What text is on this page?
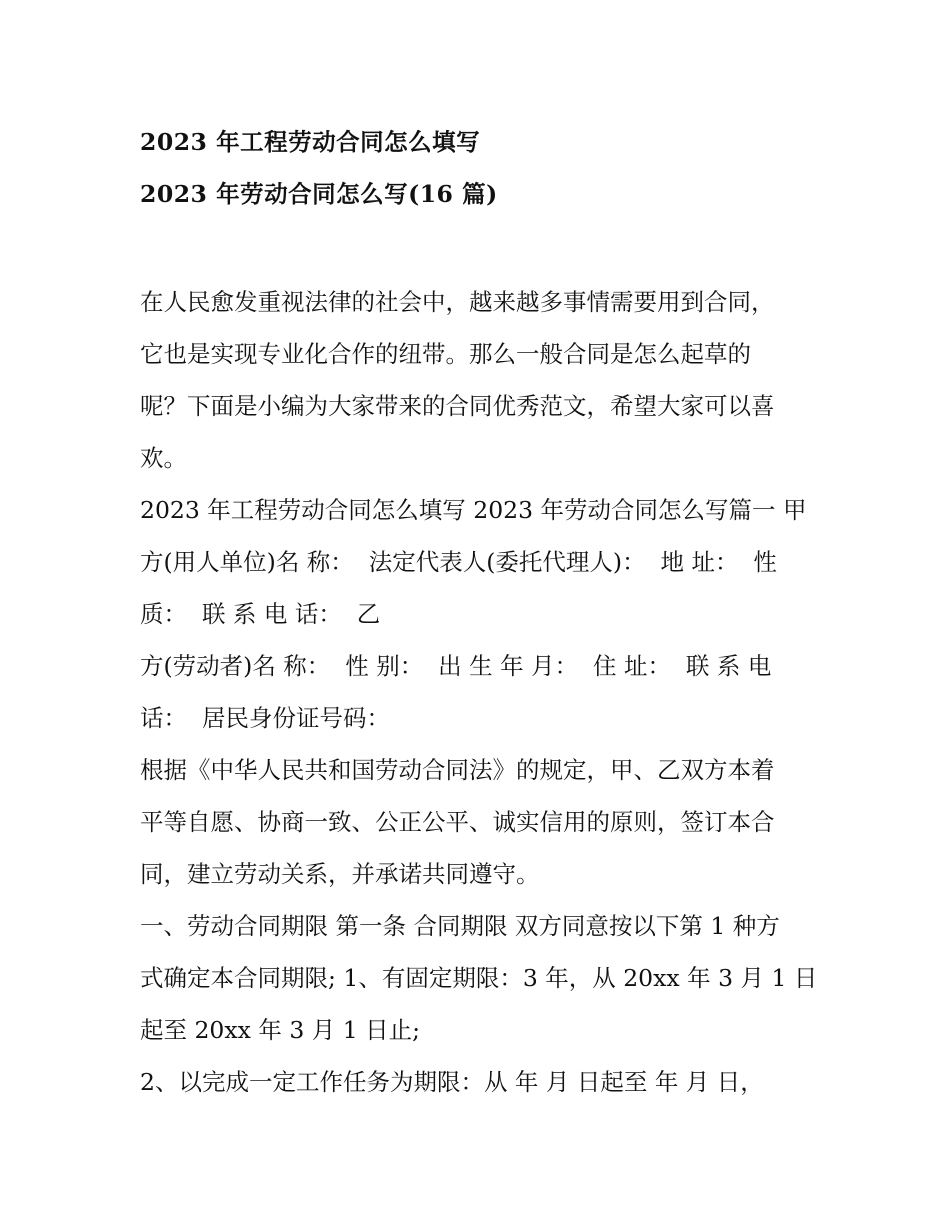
2023 年工程劳动合同怎么填写
2023 年劳动合同怎么写(16 篇)
在人民愈发重视法律的社会中，越来越多事情需要用到合同，
它也是实现专业化合作的纽带。那么一般合同是怎么起草的
呢？下面是小编为大家带来的合同优秀范文，希望大家可以喜
欢。
2023 年工程劳动合同怎么填写 2023 年劳动合同怎么写篇一 甲
方(用人单位)名 称：  法定代表人(委托代理人)：  地 址：  性
质：  联 系 电 话：  乙
方(劳动者)名 称：  性 别：  出 生 年 月：  住 址：  联 系 电
话：  居民身份证号码：
根据《中华人民共和国劳动合同法》的规定，甲、乙双方本着
平等自愿、协商一致、公正公平、诚实信用的原则，签订本合
同，建立劳动关系，并承诺共同遵守。
一、劳动合同期限 第一条 合同期限 双方同意按以下第 1 种方
式确定本合同期限; 1、有固定期限：3 年，从 20xx 年 3 月 1 日
起至 20xx 年 3 月 1 日止;
2、以完成一定工作任务为期限：从 年 月 日起至 年 月 日，
